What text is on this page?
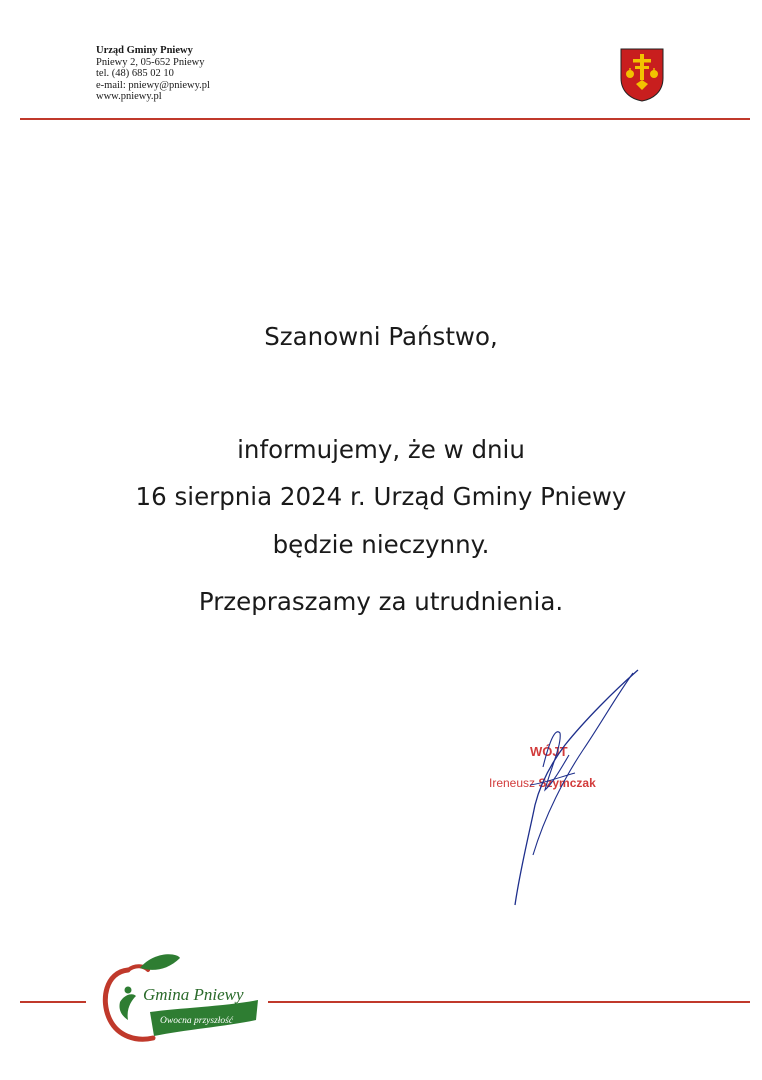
Urząd Gminy Pniewy
Pniewy 2, 05-652 Pniewy
tel. (48) 685 02 10
e-mail: pniewy@pniewy.pl
www.pniewy.pl
Szanowni Państwo,
informujemy, że w dniu
16 sierpnia 2024 r. Urząd Gminy Pniewy
będzie nieczynny.
Przepraszamy za utrudnienia.
WÓJT
Ireneusz Szymczak
Gmina Pniewy
Owocna przyszłość
